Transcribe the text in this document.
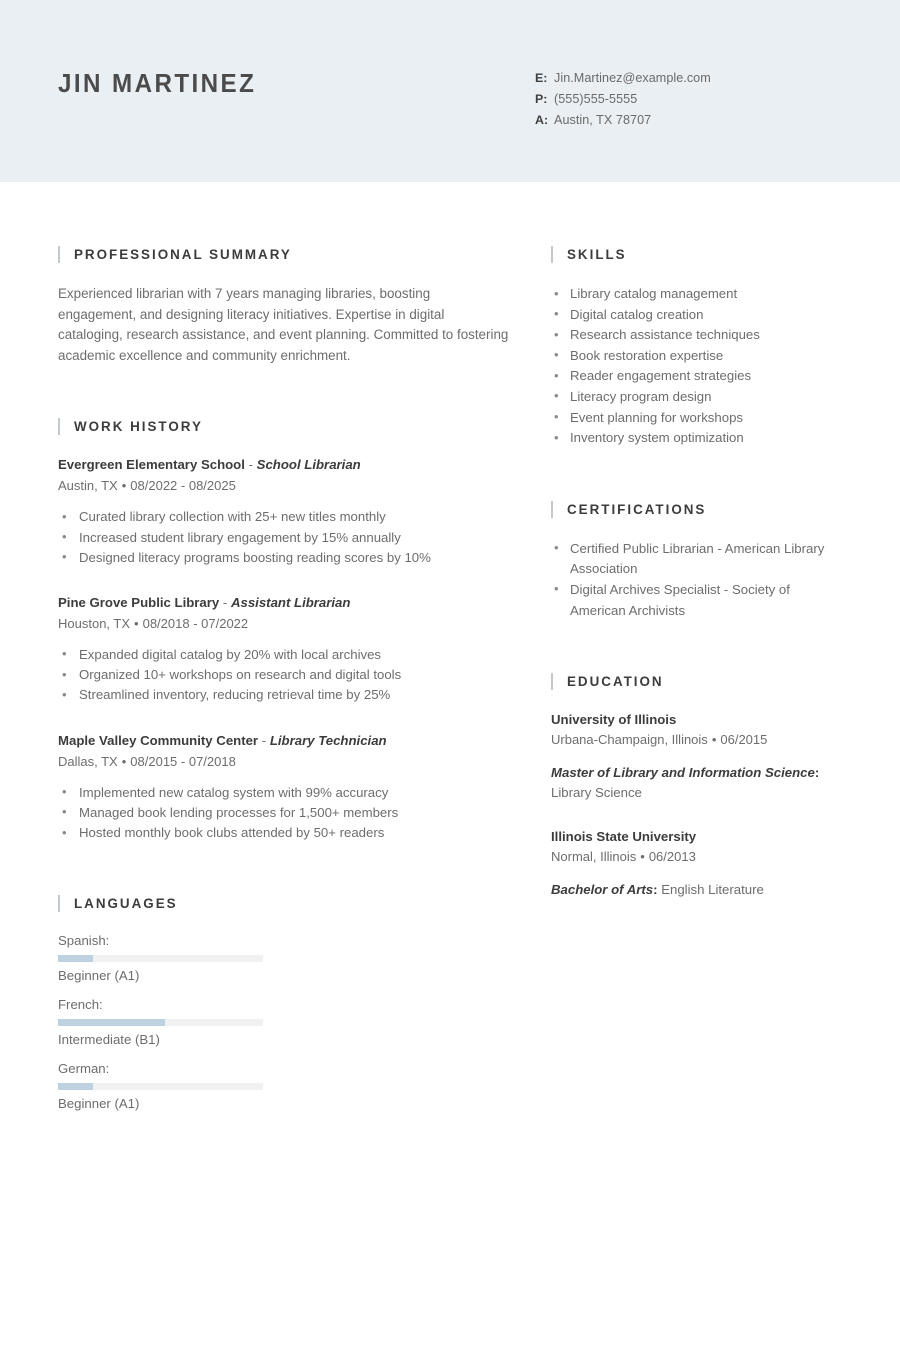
JIN MARTINEZ	E: Jin.Martinez@example.com
P: (555)555-5555
A: Austin, TX 78707
PROFESSIONAL SUMMARY

Experienced librarian with 7 years managing libraries, boosting engagement, and designing literacy initiatives. Expertise in digital cataloging, research assistance, and event planning. Committed to fostering academic excellence and community enrichment.

WORK HISTORY
Evergreen Elementary School - School Librarian
Austin, TX • 08/2022 - 08/2025
• Curated library collection with 25+ new titles monthly
• Increased student library engagement by 15% annually
• Designed literacy programs boosting reading scores by 10%
Pine Grove Public Library - Assistant Librarian
Houston, TX • 08/2018 - 07/2022
• Expanded digital catalog by 20% with local archives
• Organized 10+ workshops on research and digital tools
• Streamlined inventory, reducing retrieval time by 25%
Maple Valley Community Center - Library Technician
Dallas, TX • 08/2015 - 07/2018
• Implemented new catalog system with 99% accuracy
• Managed book lending processes for 1,500+ members
• Hosted monthly book clubs attended by 50+ readers
LANGUAGES
Spanish:
Beginner (A1)
French:
Intermediate (B1)
German:
Beginner (A1)
SKILLS
• Library catalog management
• Digital catalog creation
• Research assistance techniques
• Book restoration expertise
• Reader engagement strategies
• Literacy program design
• Event planning for workshops
• Inventory system optimization
CERTIFICATIONS
• Certified Public Librarian - American Library Association
• Digital Archives Specialist - Society of American Archivists
EDUCATION
University of Illinois
Urbana-Champaign, Illinois • 06/2015
Master of Library and Information Science:
Library Science
Illinois State University
Normal, Illinois • 06/2013
Bachelor of Arts: English Literature
